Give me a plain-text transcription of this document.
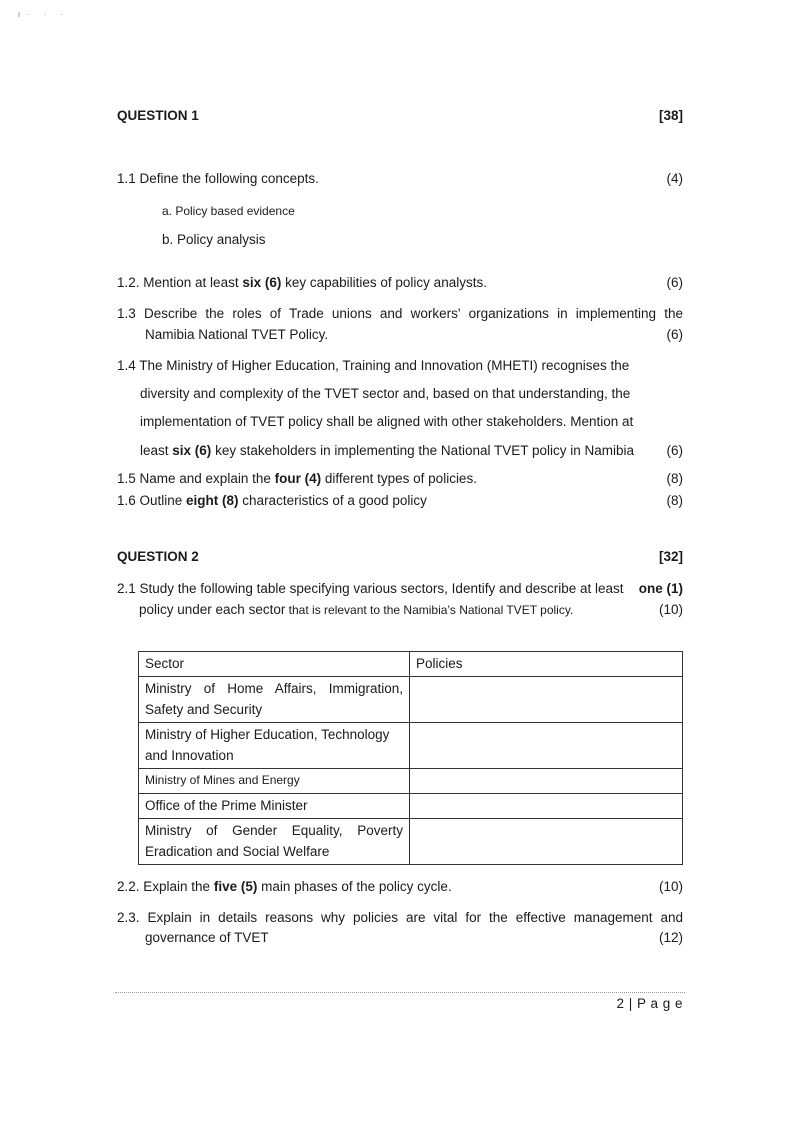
r· · ·
QUESTION 1	[38]
1.1 Define the following concepts.	(4)
a. Policy based evidence
b. Policy analysis
1.2. Mention at least six (6) key capabilities of policy analysts.	(6)
1.3 Describe the roles of Trade unions and workers' organizations in implementing the
Namibia National TVET Policy.	(6)
1.4 The Ministry of Higher Education, Training and Innovation (MHETI) recognises the
diversity and complexity of the TVET sector and, based on that understanding, the
implementation of TVET policy shall be aligned with other stakeholders. Mention at
least six (6) key stakeholders in implementing the National TVET policy in Namibia (6)
1.5 Name and explain the four (4) different types of policies.	(8)
1.6 Outline eight (8) characteristics of a good policy	(8)
QUESTION 2	[32]
2.1 Study the following table specifying various sectors, Identify and describe at least one (1)
policy under each sector that is relevant to the Namibia’s National TVET policy.	(10)
Sector	Policies

Ministry of Home Affairs, Immigration,
Safety and Security	

Ministry of Higher Education, Technology
and Innovation	

Ministry of Mines and Energy	
Office of the Prime Minister	

Ministry of Gender Equality, Poverty
Eradication and Social Welfare	

2.2. Explain the five (5) main phases of the policy cycle.	(10)
2.3. Explain in details reasons why policies are vital for the effective management and
governance of TVET	(12)
2 | P a g e
